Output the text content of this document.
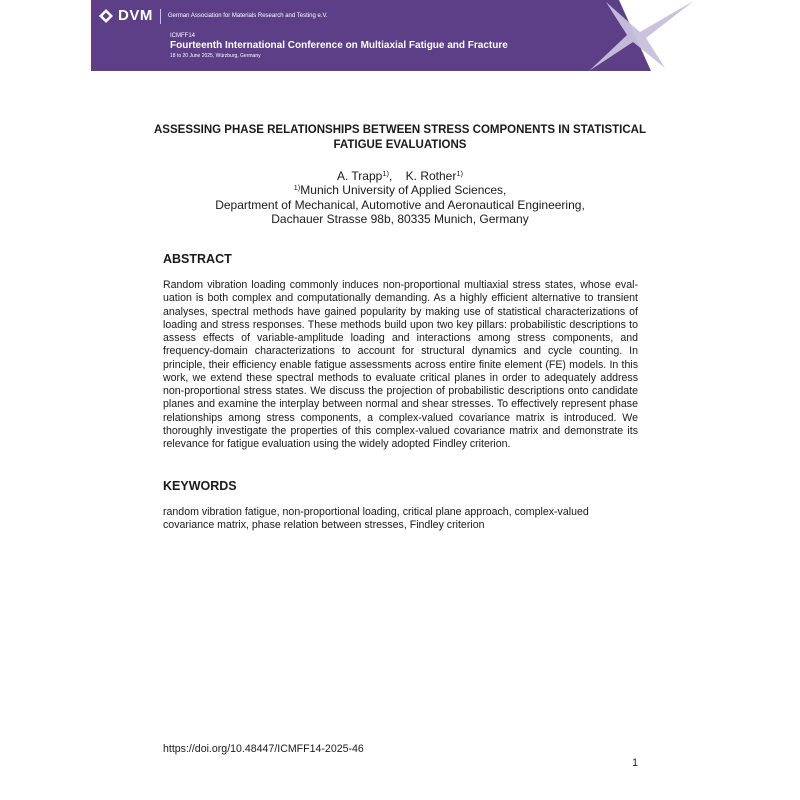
DVM	German Association for Materials Research and Testing e.V.
ICMFF14
Fourteenth International Conference on Multiaxial Fatigue and Fracture
18 to 20 June 2025, Würzburg, Germany
ASSESSING PHASE RELATIONSHIPS BETWEEN STRESS COMPONENTS IN STATISTICAL FATIGUE EVALUATIONS
A. Trapp$^{1)}$,    K. Rother$^{1)}$
$^{1)}$Munich University of Applied Sciences,
Department of Mechanical, Automotive and Aeronautical Engineering,
Dachauer Strasse 98b, 80335 Munich, Germany
ABSTRACT
Random vibration loading commonly induces non-proportional multiaxial stress states, whose evaluation is both complex and computationally demanding. As a highly efficient alternative to transient analyses, spectral methods have gained popularity by making use of statistical characterizations of loading and stress responses. These methods build upon two key pillars: probabilistic descriptions to assess effects of variable-amplitude loading and interactions among stress components, and frequency-domain characterizations to account for structural dynamics and cycle counting. In principle, their efficiency enable fatigue assessments across entire finite element (FE) models. In this work, we extend these spectral methods to evaluate critical planes in order to adequately address non-proportional stress states. We discuss the projection of probabilistic descriptions onto candidate planes and examine the interplay between normal and shear stresses. To effectively represent phase relationships among stress components, a complex-valued covariance matrix is introduced. We thoroughly investigate the properties of this complex-valued covariance matrix and demonstrate its relevance for fatigue evaluation using the widely adopted Findley criterion.
KEYWORDS
random vibration fatigue, non-proportional loading, critical plane approach, complex-valued covariance matrix, phase relation between stresses, Findley criterion
https://doi.org/10.48447/ICMFF14-2025-46
1
